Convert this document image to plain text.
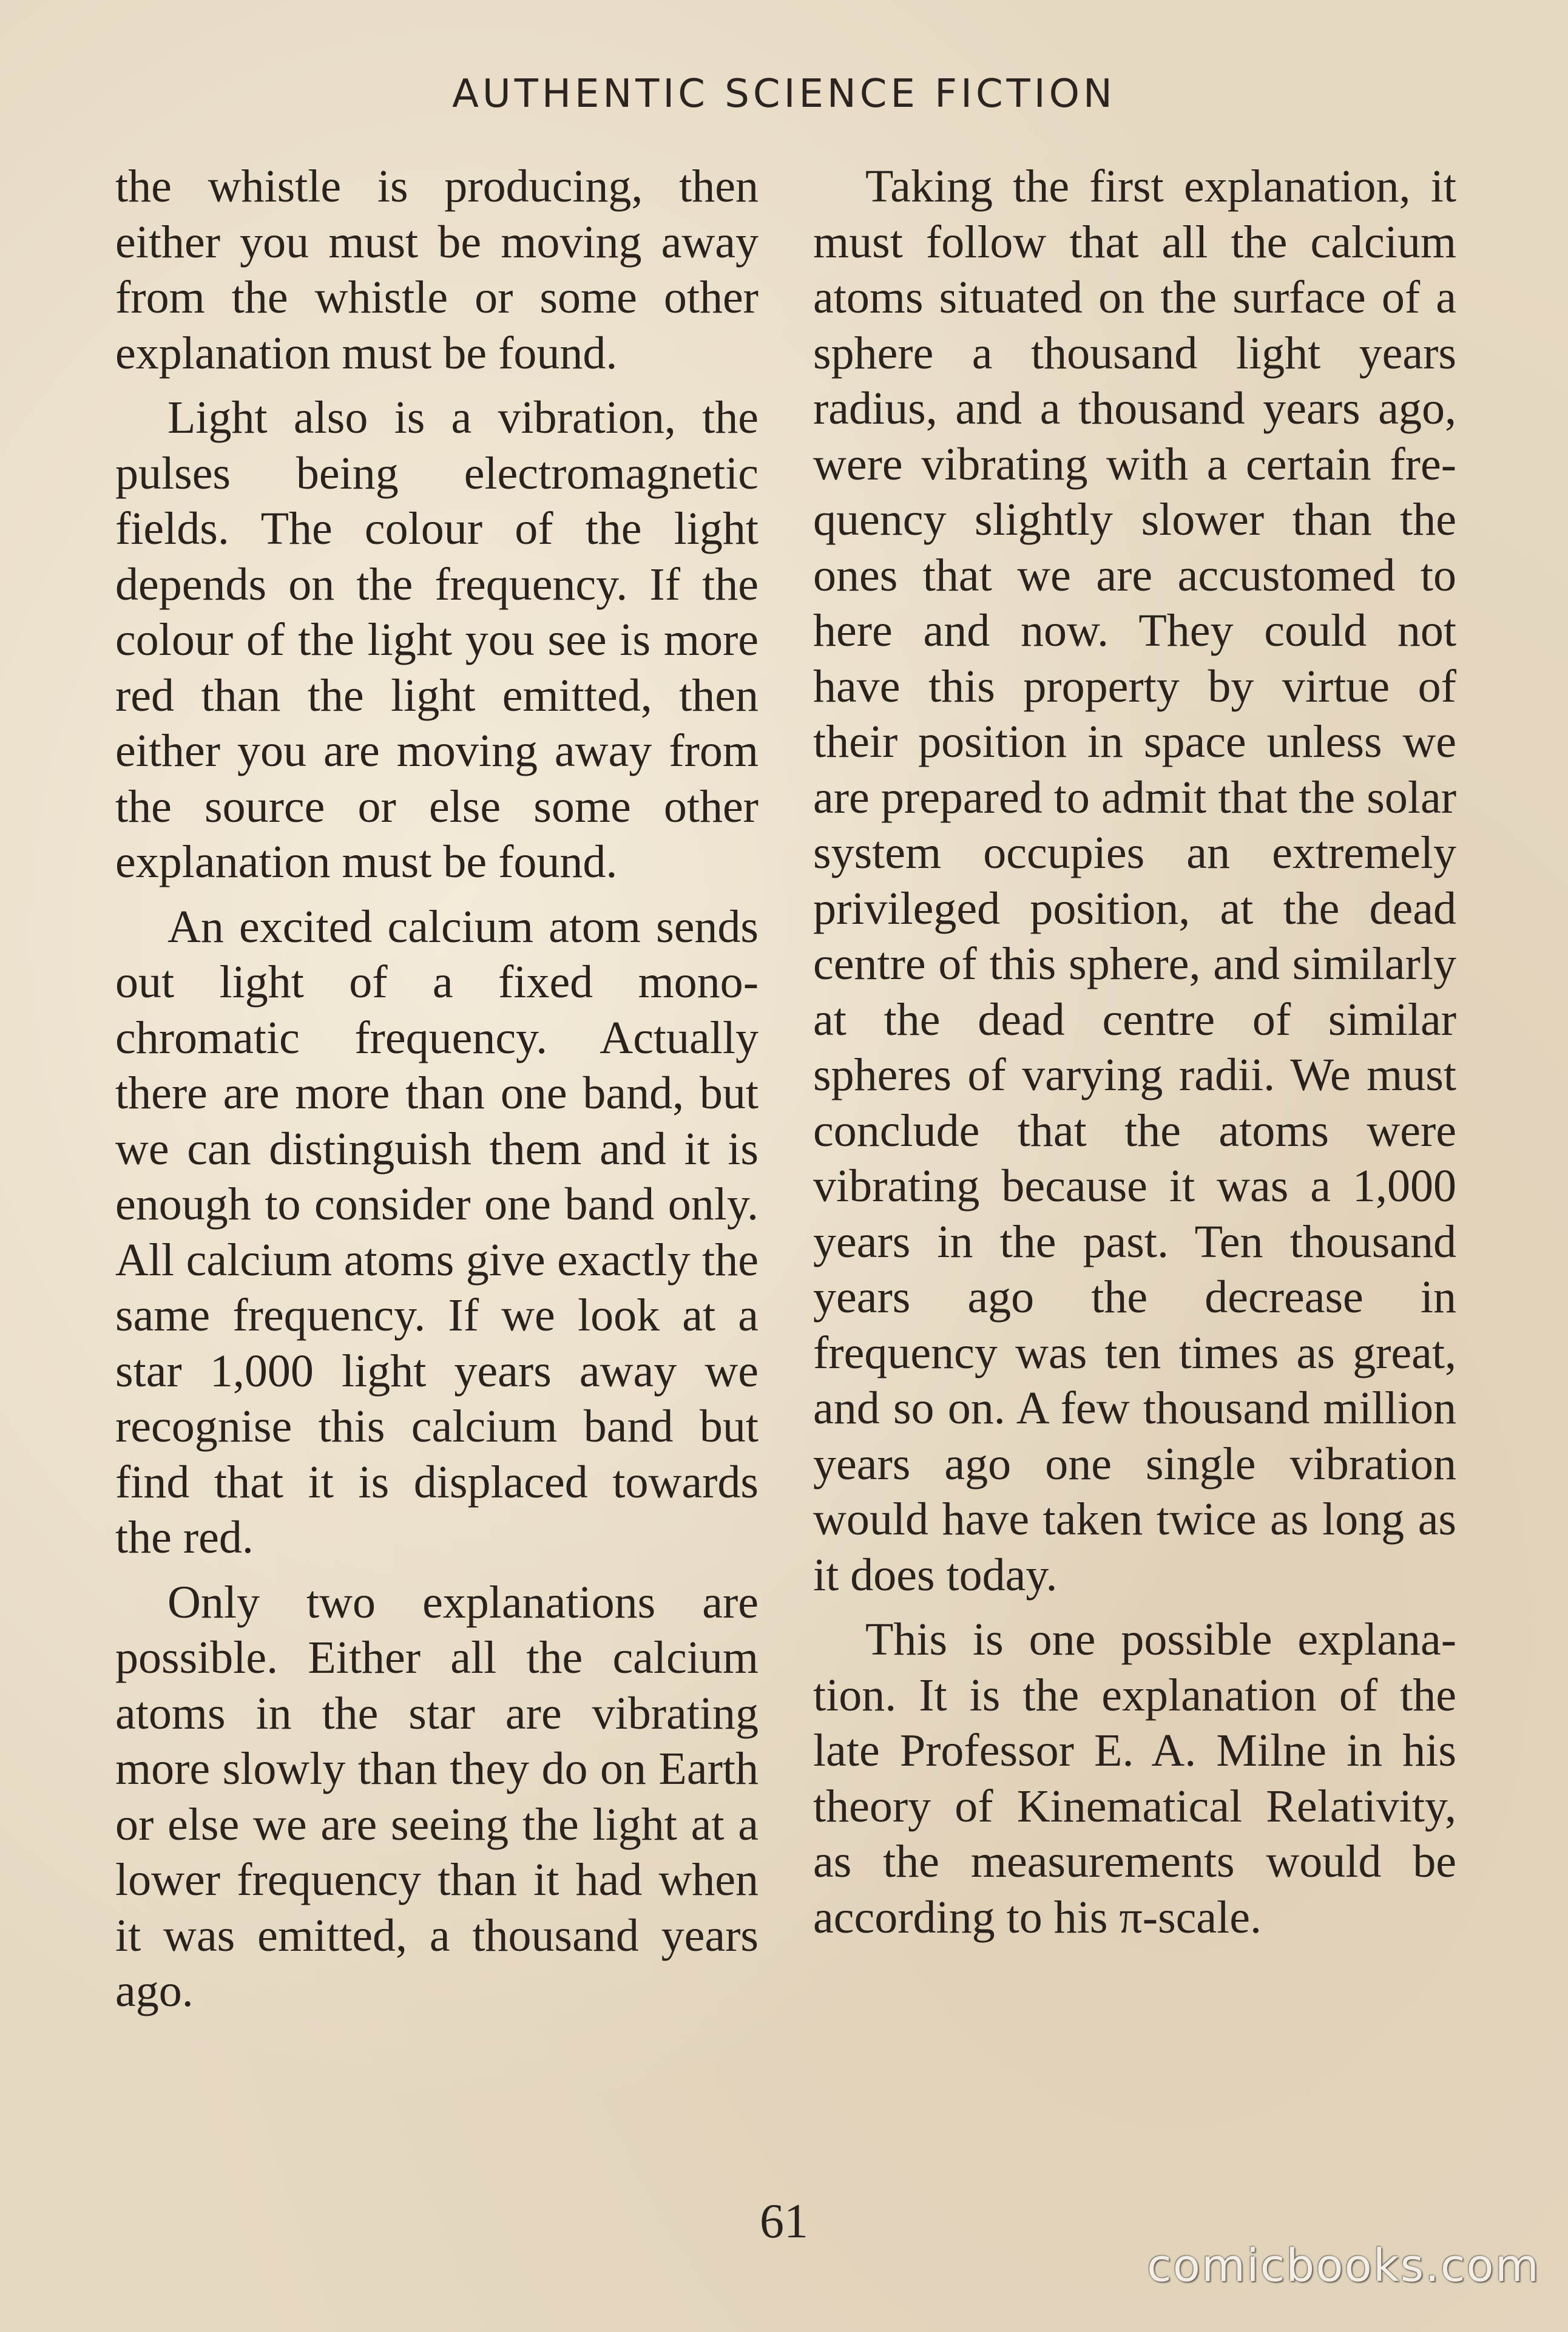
AUTHENTIC SCIENCE FICTION

the whistle is producing, then either you must be moving away from the whistle or some other explanation must be found.

Light also is a vibration, the pulses being electromagnetic fields. The colour of the light depends on the frequency. If the colour of the light you see is more red than the light emitted, then either you are moving away from the source or else some other explanation must be found.

An excited calcium atom sends out light of a fixed monochromatic frequency. Actually there are more than one band, but we can distinguish them and it is enough to consider one band only. All calcium atoms give exactly the same frequency. If we look at a star 1,000 light years away we recognise this calcium band but find that it is displaced towards the red.

Only two explanations are possible. Either all the calcium atoms in the star are vibrating more slowly than they do on Earth or else we are seeing the light at a lower frequency than it had when it was emitted, a thousand years ago.

Taking the first explanation, it must follow that all the calcium atoms situated on the surface of a sphere a thousand light years radius, and a thousand years ago, were vibrating with a certain frequency slightly slower than the ones that we are accustomed to here and now. They could not have this property by virtue of their position in space unless we are prepared to admit that the solar system occupies an extremely privileged position, at the dead centre of this sphere, and similarly at the dead centre of similar spheres of varying radii. We must conclude that the atoms were vibrating because it was a 1,000 years in the past. Ten thousand years ago the decrease in frequency was ten times as great, and so on. A few thousand million years ago one single vibration would have taken twice as long as it does today.

This is one possible explanation. It is the explanation of the late Professor E. A. Milne in his theory of Kinematical Relativity, as the measurements would be according to his π-scale.

61
comicbooks.com
